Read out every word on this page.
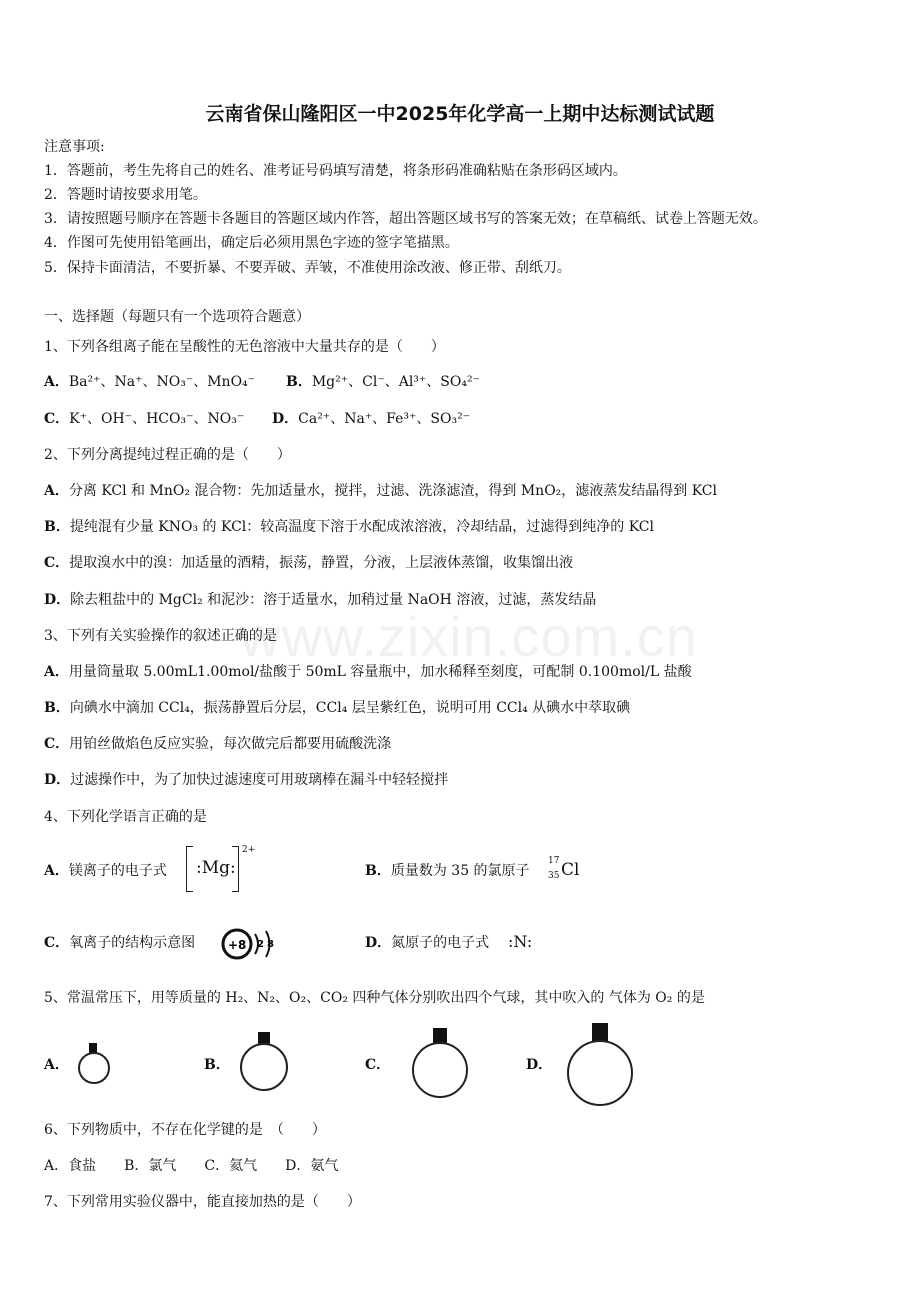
www.zixin.com.cn
云南省保山隆阳区一中2025年化学高一上期中达标测试试题
注意事项:
1．答题前，考生先将自己的姓名、准考证号码填写清楚，将条形码准确粘贴在条形码区域内。
2．答题时请按要求用笔。
3．请按照题号顺序在答题卡各题目的答题区域内作答，超出答题区域书写的答案无效；在草稿纸、试卷上答题无效。
4．作图可先使用铅笔画出，确定后必须用黑色字迹的签字笔描黑。
5．保持卡面清洁，不要折暴、不要弄破、弄皱，不准使用涂改液、修正带、刮纸刀。
一、选择题（每题只有一个选项符合题意）
1、下列各组离子能在呈酸性的无色溶液中大量共存的是（　　）
A．Ba²⁺、Na⁺、NO₃⁻、MnO₄⁻ B．Mg²⁺、Cl⁻、Al³⁺、SO₄²⁻
C．K⁺、OH⁻、HCO₃⁻、NO₃⁻ D．Ca²⁺、Na⁺、Fe³⁺、SO₃²⁻
2、下列分离提纯过程正确的是（　　）
A．分离 KCl 和 MnO₂ 混合物：先加适量水，搅拌，过滤、洗涤滤渣，得到 MnO₂，滤液蒸发结晶得到 KCl
B．提纯混有少量 KNO₃ 的 KCl：较高温度下溶于水配成浓溶液，冷却结晶，过滤得到纯净的 KCl
C．提取溴水中的溴：加适量的酒精，振荡，静置，分液，上层液体蒸馏，收集馏出液
D．除去粗盐中的 MgCl₂ 和泥沙：溶于适量水，加稍过量 NaOH 溶液，过滤，蒸发结晶
3、下列有关实验操作的叙述正确的是
A．用量筒量取 5.00mL1.00mol/盐酸于 50mL 容量瓶中，加水稀释至刻度，可配制 0.100mol/L 盐酸
B．向碘水中滴加 CCl₄，振荡静置后分层，CCl₄ 层呈紫红色，说明可用 CCl₄ 从碘水中萃取碘
C．用铂丝做焰色反应实验，每次做完后都要用硫酸洗涤
D．过滤操作中，为了加快过滤速度可用玻璃棒在漏斗中轻轻搅拌
4、下列化学语言正确的是
A．镁离子的电子式 :Mg:
2+
B．质量数为 35 的氯原子
17
35 Cl
C．氧离子的结构示意图	+8 2 8	D．氮原子的电子式 :N:
5、常温常压下，用等质量的 H₂、N₂、O₂、CO₂ 四种气体分别吹出四个气球，其中吹入的 气体为 O₂ 的是
A．	B．	C．	D．
6、下列物质中，不存在化学键的是　（　　）
A．食盐　　B．氯气　　C．氦气　　D．氨气
7、下列常用实验仪器中，能直接加热的是（　　）
